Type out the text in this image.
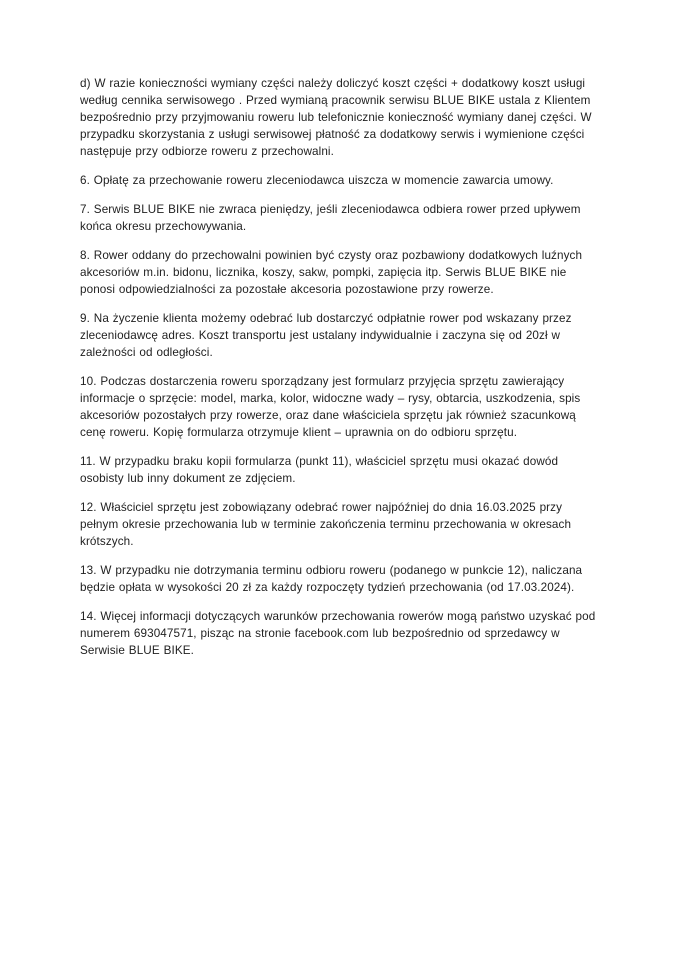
d) W razie konieczności wymiany części należy doliczyć koszt części + dodatkowy koszt usługi według cennika serwisowego . Przed wymianą pracownik serwisu BLUE BIKE ustala z Klientem bezpośrednio przy przyjmowaniu roweru lub telefonicznie konieczność wymiany danej części. W przypadku skorzystania z usługi serwisowej płatność za dodatkowy serwis i wymienione części następuje przy odbiorze roweru z przechowalni.

6. Opłatę za przechowanie roweru zleceniodawca uiszcza w momencie zawarcia umowy.

7. Serwis BLUE BIKE nie zwraca pieniędzy, jeśli zleceniodawca odbiera rower przed upływem końca okresu przechowywania.

8. Rower oddany do przechowalni powinien być czysty oraz pozbawiony dodatkowych luźnych akcesoriów m.in. bidonu, licznika, koszy, sakw, pompki, zapięcia itp. Serwis BLUE BIKE nie ponosi odpowiedzialności za pozostałe akcesoria pozostawione przy rowerze.

9. Na życzenie klienta możemy odebrać lub dostarczyć odpłatnie rower pod wskazany przez zleceniodawcę adres. Koszt transportu jest ustalany indywidualnie i zaczyna się od 20zł w zależności od odległości.

10. Podczas dostarczenia roweru sporządzany jest formularz przyjęcia sprzętu zawierający informacje o sprzęcie: model, marka, kolor, widoczne wady – rysy, obtarcia, uszkodzenia, spis akcesoriów pozostałych przy rowerze, oraz dane właściciela sprzętu jak również szacunkową cenę roweru. Kopię formularza otrzymuje klient – uprawnia on do odbioru sprzętu.

11. W przypadku braku kopii formularza (punkt 11), właściciel sprzętu musi okazać dowód osobisty lub inny dokument ze zdjęciem.

12. Właściciel sprzętu jest zobowiązany odebrać rower najpóźniej do dnia 16.03.2025 przy pełnym okresie przechowania lub w terminie zakończenia terminu przechowania w okresach krótszych.

13. W przypadku nie dotrzymania terminu odbioru roweru (podanego w punkcie 12), naliczana będzie opłata w wysokości 20 zł za każdy rozpoczęty tydzień przechowania (od 17.03.2024).

14. Więcej informacji dotyczących warunków przechowania rowerów mogą państwo uzyskać pod numerem 693047571, pisząc na stronie facebook.com lub bezpośrednio od sprzedawcy w Serwisie BLUE BIKE.
